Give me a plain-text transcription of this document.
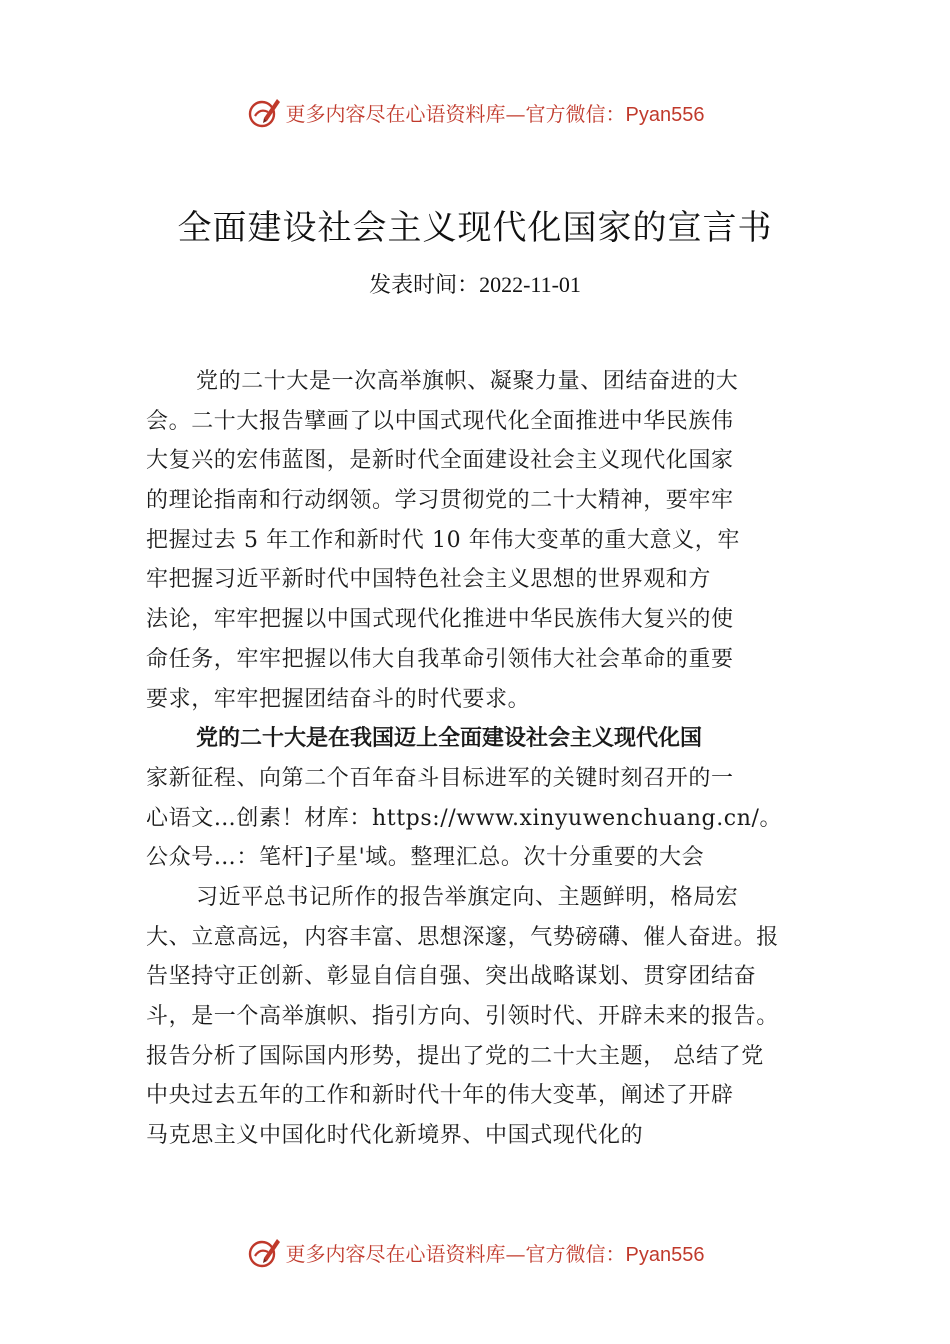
更多内容尽在心语资料库—官方微信：Pyan556
全面建设社会主义现代化国家的宣言书
发表时间：2022-11-01
党的二十大是一次高举旗帜、凝聚力量、团结奋进的大
会。二十大报告擘画了以中国式现代化全面推进中华民族伟
大复兴的宏伟蓝图，是新时代全面建设社会主义现代化国家
的理论指南和行动纲领。学习贯彻党的二十大精神，要牢牢
把握过去 5 年工作和新时代 10 年伟大变革的重大意义，牢
牢把握习近平新时代中国特色社会主义思想的世界观和方
法论，牢牢把握以中国式现代化推进中华民族伟大复兴的使
命任务，牢牢把握以伟大自我革命引领伟大社会革命的重要
要求，牢牢把握团结奋斗的时代要求。
党的二十大是在我国迈上全面建设社会主义现代化国
家新征程、向第二个百年奋斗目标进军的关键时刻召开的一
心语文…创素！材库：https://www.xinyuwenchuang.cn/。
公众号…：笔杆]子星'域。整理汇总。次十分重要的大会
习近平总书记所作的报告举旗定向、主题鲜明，格局宏
大、立意高远，内容丰富、思想深邃，气势磅礴、催人奋进。报
告坚持守正创新、彰显自信自强、突出战略谋划、贯穿团结奋
斗，是一个高举旗帜、指引方向、引领时代、开辟未来的报告。
报告分析了国际国内形势，提出了党的二十大主题， 总结了党
中央过去五年的工作和新时代十年的伟大变革，阐述了开辟
马克思主义中国化时代化新境界、中国式现代化的
更多内容尽在心语资料库—官方微信：Pyan556
